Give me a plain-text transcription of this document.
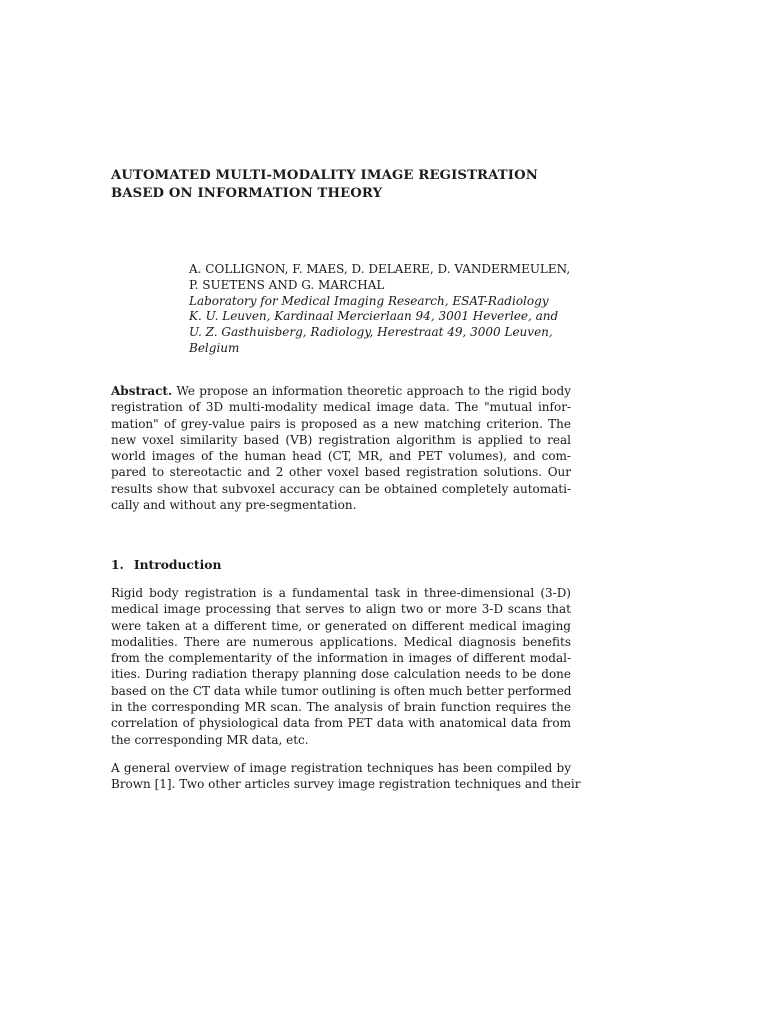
AUTOMATED MULTI-MODALITY IMAGE REGISTRATION
BASED ON INFORMATION THEORY
A. COLLIGNON, F. MAES, D. DELAERE, D. VANDERMEULEN,
P. SUETENS AND G. MARCHAL
Laboratory for Medical Imaging Research, ESAT-Radiology
K. U. Leuven, Kardinaal Mercierlaan 94, 3001 Heverlee, and
U. Z. Gasthuisberg, Radiology, Herestraat 49, 3000 Leuven,
Belgium
Abstract. We propose an information theoretic approach to the rigid body
registration of 3D multi-modality medical image data. The "mutual infor-
mation" of grey-value pairs is proposed as a new matching criterion. The
new voxel similarity based (VB) registration algorithm is applied to real
world images of the human head (CT, MR, and PET volumes), and com-
pared to stereotactic and 2 other voxel based registration solutions. Our
results show that subvoxel accuracy can be obtained completely automati-
cally and without any pre-segmentation.
1. Introduction
Rigid body registration is a fundamental task in three-dimensional (3-D)
medical image processing that serves to align two or more 3-D scans that
were taken at a different time, or generated on different medical imaging
modalities. There are numerous applications. Medical diagnosis benefits
from the complementarity of the information in images of different modal-
ities. During radiation therapy planning dose calculation needs to be done
based on the CT data while tumor outlining is often much better performed
in the corresponding MR scan. The analysis of brain function requires the
correlation of physiological data from PET data with anatomical data from
the corresponding MR data, etc.
A general overview of image registration techniques has been compiled by
Brown [1]. Two other articles survey image registration techniques and their
